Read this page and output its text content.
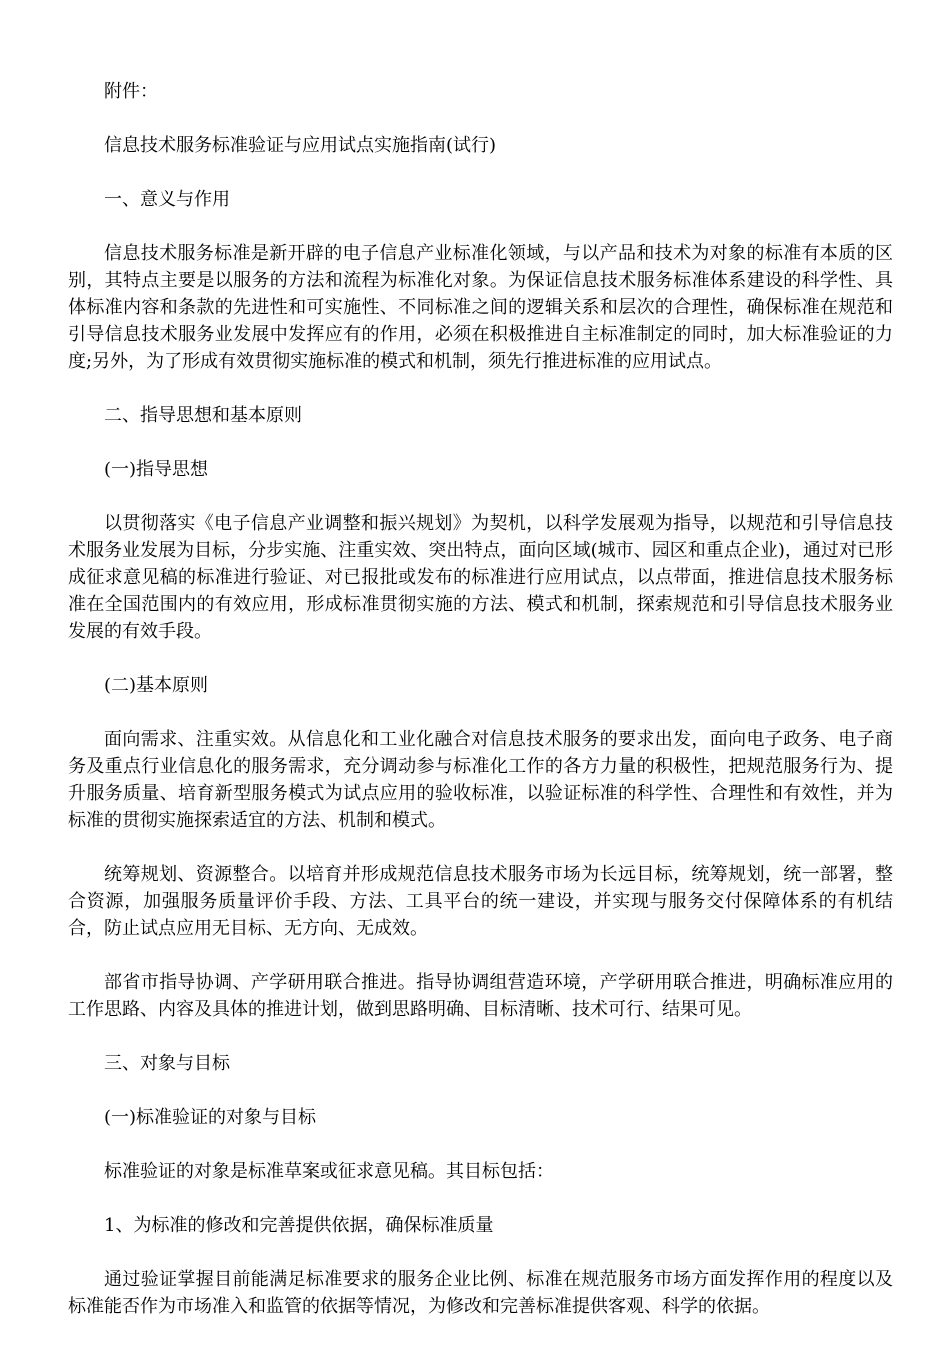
附件：

信息技术服务标准验证与应用试点实施指南(试行)

一、意义与作用

信息技术服务标准是新开辟的电子信息产业标准化领域，与以产品和技术为对象的标准有本质的区别，其特点主要是以服务的方法和流程为标准化对象。为保证信息技术服务标准体系建设的科学性、具体标准内容和条款的先进性和可实施性、不同标准之间的逻辑关系和层次的合理性，确保标准在规范和引导信息技术服务业发展中发挥应有的作用，必须在积极推进自主标准制定的同时，加大标准验证的力度;另外，为了形成有效贯彻实施标准的模式和机制，须先行推进标准的应用试点。

二、指导思想和基本原则

(一)指导思想

以贯彻落实《电子信息产业调整和振兴规划》为契机，以科学发展观为指导，以规范和引导信息技术服务业发展为目标，分步实施、注重实效、突出特点，面向区域(城市、园区和重点企业)，通过对已形成征求意见稿的标准进行验证、对已报批或发布的标准进行应用试点，以点带面，推进信息技术服务标准在全国范围内的有效应用，形成标准贯彻实施的方法、模式和机制，探索规范和引导信息技术服务业发展的有效手段。

(二)基本原则

面向需求、注重实效。从信息化和工业化融合对信息技术服务的要求出发，面向电子政务、电子商务及重点行业信息化的服务需求，充分调动参与标准化工作的各方力量的积极性，把规范服务行为、提升服务质量、培育新型服务模式为试点应用的验收标准，以验证标准的科学性、合理性和有效性，并为标准的贯彻实施探索适宜的方法、机制和模式。

统筹规划、资源整合。以培育并形成规范信息技术服务市场为长远目标，统筹规划，统一部署，整合资源，加强服务质量评价手段、方法、工具平台的统一建设，并实现与服务交付保障体系的有机结合，防止试点应用无目标、无方向、无成效。

部省市指导协调、产学研用联合推进。指导协调组营造环境，产学研用联合推进，明确标准应用的工作思路、内容及具体的推进计划，做到思路明确、目标清晰、技术可行、结果可见。

三、对象与目标

(一)标准验证的对象与目标

标准验证的对象是标准草案或征求意见稿。其目标包括：

1、为标准的修改和完善提供依据，确保标准质量

通过验证掌握目前能满足标准要求的服务企业比例、标准在规范服务市场方面发挥作用的程度以及标准能否作为市场准入和监管的依据等情况，为修改和完善标准提供客观、科学的依据。
